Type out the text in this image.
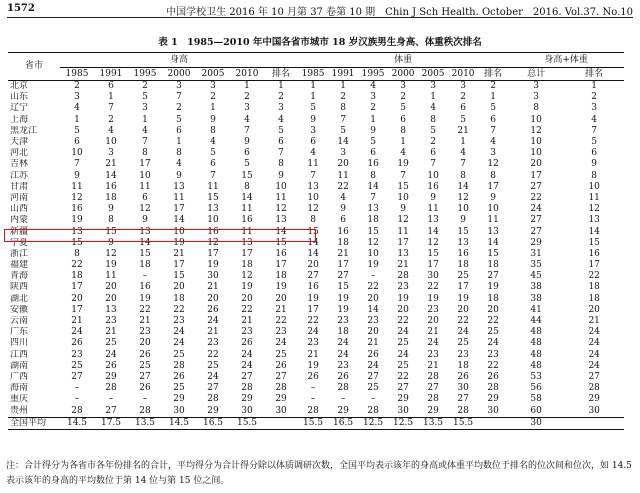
1572	中国学校卫生 2016 年 10 月第 37 卷第 10 期　Chin J Sch Health. October　2016. Vol.37. No.10
表 1　1985—2010 年中国各省市城市 18 岁汉族男生身高、体重秩次排名
省市	身高							体重							身高+体重	
	1985	1991	1995	2000	2005	2010	排名	1985	1991	1995	2000	2005	2010	排名	总计	排名
北京	2	6	2	3	3	1	1	1	1	4	3	3	3	2	3	1
山东	3	1	5	7	2	2	2	1	2	3	2	1	2	1	3	2
辽宁	4	7	3	2	1	3	3	5	8	2	5	4	6	5	8	3
上海	1	2	1	5	9	4	4	9	7	1	6	8	5	6	10	4
黑龙江	5	4	4	6	8	7	5	3	5	9	8	5	21	7	12	7
天津	6	10	7	1	4	9	6	6	14	5	1	2	1	4	10	5
河北	10	3	8	8	5	6	7	4	3	6	4	6	4	3	10	6
吉林	7	21	17	4	6	5	8	11	20	16	19	7	7	12	20	9
江苏	9	14	10	9	7	15	9	7	11	8	7	10	8	8	17	8
甘肃	11	16	11	13	11	8	10	13	22	14	15	16	14	17	27	10
河南	12	18	6	11	15	14	11	10	4	7	10	9	12	9	22	11
山西	16	9	12	17	13	11	12	12	9	13	9	11	10	10	24	12
内蒙	19	8	9	14	10	16	13	8	6	18	12	13	9	11	27	13
新疆	13	15	13	10	16	11	14	15	16	15	11	14	15	13	27	14
宁夏	15	9	14	19	12	13	15	14	18	12	17	12	13	14	29	15
浙江	8	12	15	21	17	17	16	14	21	10	13	15	16	15	31	16
福建	22	19	18	17	19	18	17	20	17	19	21	17	18	18	35	17
青海	18	11	–	15	30	12	18	27	27	–	28	30	25	27	45	22
陕西	17	20	16	20	21	19	19	16	15	22	23	22	17	19	38	18
湖北	20	20	19	18	20	20	20	19	19	20	19	19	19	18	38	18
安徽	17	13	22	22	26	22	21	17	19	14	20	23	20	20	41	20
云南	21	23	21	23	24	21	22	22	23	23	22	20	22	22	44	21
广东	24	21	23	24	21	23	23	24	18	20	24	21	24	25	48	24
四川	26	25	20	24	23	26	24	23	24	21	25	24	25	24	48	24
江西	23	24	26	25	22	24	25	21	24	26	24	23	23	23	48	24
湖南	25	26	25	28	25	24	26	19	23	24	25	21	18	22	48	24
广西	27	29	27	26	24	27	27	26	26	27	22	28	26	26	53	27
海南	–	28	26	25	27	28	28	–	28	25	27	27	30	28	56	28
重庆	–	–	–	29	28	29	29	–	–	–	29	28	27	29	58	29
贵州	28	27	28	30	29	30	30	28	29	28	30	29	28	30	60	30
全国平均	14.5	17.5	13.5	14.5	16.5	15.5		15.5	16.5	12.5	12.5	13.5	15.5		30	
注：合计得分为各省市各年份排名的合计，平均得分为合计得分除以体质调研次数，全国平均表示该年的身高或体重平均数位于排名的位次间和位次，如 14.5 表示该年的身高的平均数位于第 14 位与第 15 位之间。
